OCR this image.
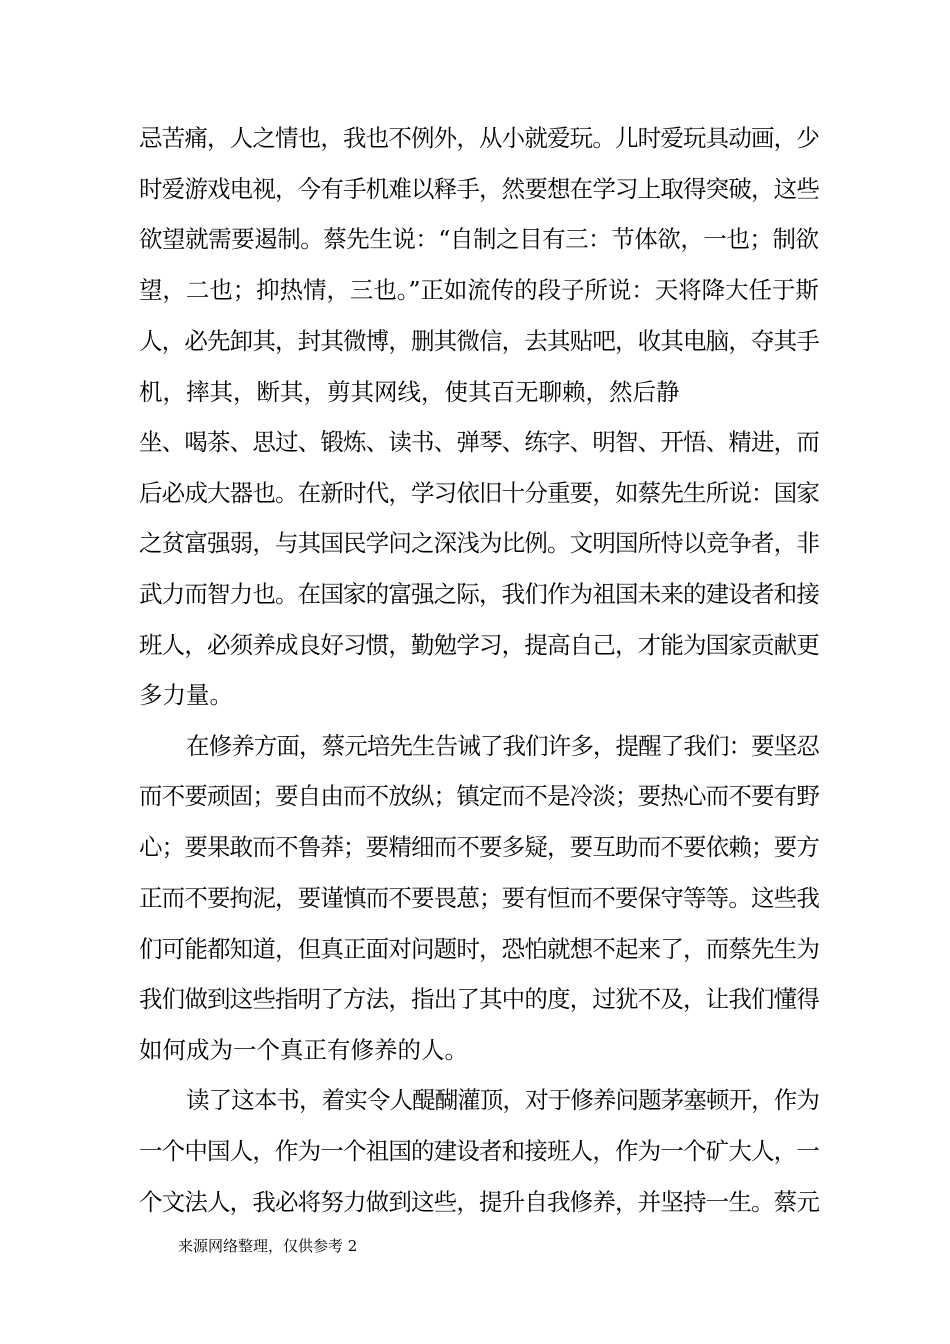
忌苦痛，人之情也，我也不例外，从小就爱玩。儿时爱玩具动画，少
时爱游戏电视，今有手机难以释手，然要想在学习上取得突破，这些
欲望就需要遏制。蔡先生说：“自制之目有三：节体欲，一也；制欲
望，二也；抑热情，三也。”正如流传的段子所说：天将降大任于斯
人，必先卸其，封其微博，删其微信，去其贴吧，收其电脑，夺其手
机，摔其，断其，剪其网线，使其百无聊赖，然后静
坐、喝茶、思过、锻炼、读书、弹琴、练字、明智、开悟、精进，而
后必成大器也。在新时代，学习依旧十分重要，如蔡先生所说：国家
之贫富强弱，与其国民学问之深浅为比例。文明国所恃以竞争者，非
武力而智力也。在国家的富强之际，我们作为祖国未来的建设者和接
班人，必须养成良好习惯，勤勉学习，提高自己，才能为国家贡献更
多力量。
在修养方面，蔡元培先生告诫了我们许多，提醒了我们：要坚忍
而不要顽固；要自由而不放纵；镇定而不是冷淡；要热心而不要有野
心；要果敢而不鲁莽；要精细而不要多疑，要互助而不要依赖；要方
正而不要拘泥，要谨慎而不要畏葸；要有恒而不要保守等等。这些我
们可能都知道，但真正面对问题时，恐怕就想不起来了，而蔡先生为
我们做到这些指明了方法，指出了其中的度，过犹不及，让我们懂得
如何成为一个真正有修养的人。
读了这本书，着实令人醍醐灌顶，对于修养问题茅塞顿开，作为
一个中国人，作为一个祖国的建设者和接班人，作为一个矿大人，一
个文法人，我必将努力做到这些，提升自我修养，并坚持一生。蔡元
来源网络整理，仅供参考 2
